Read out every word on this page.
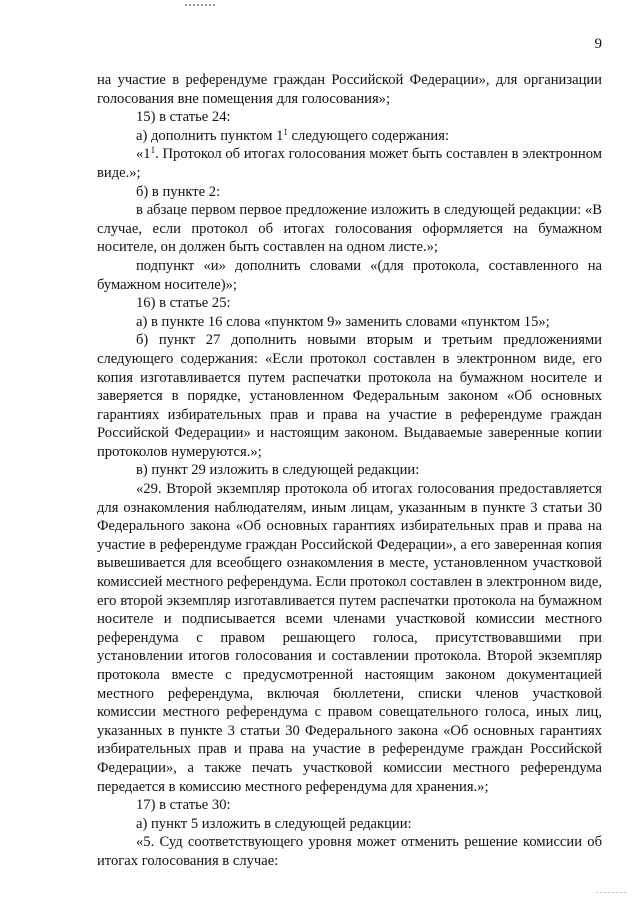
9

на участие в референдуме граждан Российской Федерации», для организации голосования вне помещения для голосования»;

15) в статье 24:

а) дополнить пунктом $1^1$ следующего содержания:

«$1^1$. Протокол об итогах голосования может быть составлен в электронном виде.»;

б) в пункте 2:

в абзаце первом первое предложение изложить в следующей редакции: «В случае, если протокол об итогах голосования оформляется на бумажном носителе, он должен быть составлен на одном листе.»;

подпункт «и» дополнить словами «(для протокола, составленного на бумажном носителе)»;

16) в статье 25:

а) в пункте 16 слова «пунктом 9» заменить словами «пунктом 15»;

б) пункт 27 дополнить новыми вторым и третьим предложениями следующего содержания: «Если протокол составлен в электронном виде, его копия изготавливается путем распечатки протокола на бумажном носителе и заверяется в порядке, установленном Федеральным законом «Об основных гарантиях избирательных прав и права на участие в референдуме граждан Российской Федерации» и настоящим законом. Выдаваемые заверенные копии протоколов нумеруются.»;

в) пункт 29 изложить в следующей редакции:

«29. Второй экземпляр протокола об итогах голосования предоставляется для ознакомления наблюдателям, иным лицам, указанным в пункте 3 статьи 30 Федерального закона «Об основных гарантиях избирательных прав и права на участие в референдуме граждан Российской Федерации», а его заверенная копия вывешивается для всеобщего ознакомления в месте, установленном участковой комиссией местного референдума. Если протокол составлен в электронном виде, его второй экземпляр изготавливается путем распечатки протокола на бумажном носителе и подписывается всеми членами участковой комиссии местного референдума с правом решающего голоса, присутствовавшими при установлении итогов голосования и составлении протокола. Второй экземпляр протокола вместе с предусмотренной настоящим законом документацией местного референдума, включая бюллетени, списки членов участковой комиссии местного референдума с правом совещательного голоса, иных лиц, указанных в пункте 3 статьи 30 Федерального закона «Об основных гарантиях избирательных прав и права на участие в референдуме граждан Российской Федерации», а также печать участковой комиссии местного референдума передается в комиссию местного референдума для хранения.»;

17) в статье 30:

а) пункт 5 изложить в следующей редакции:

«5. Суд соответствующего уровня может отменить решение комиссии об итогах голосования в случае:
